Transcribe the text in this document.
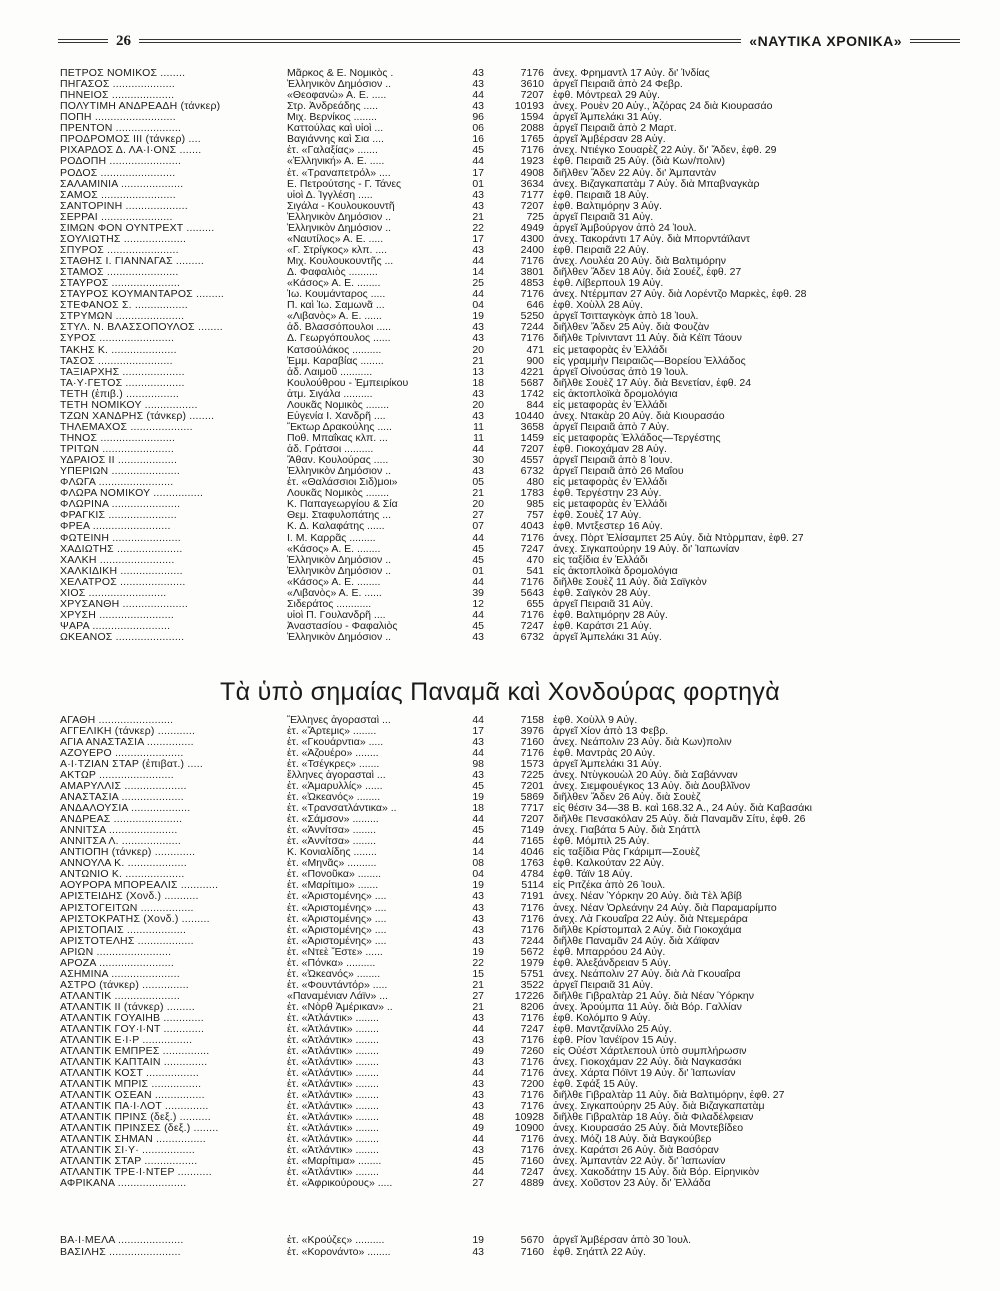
26	«ΝΑΥΤΙΚΑ ΧΡΟΝΙΚΑ»
ΠΕΤΡΟΣ ΝΟΜΙΚΟΣ ........	Μᾶρκος & Ε. Νομικὸς .	43	7176 ἀνεχ. Φρημαντλ 17 Αὐγ. δι' Ἰνδίας
ΠΗΓΑΣΟΣ ....................	Ἑλληνικὸν Δημόσιον ..	43	3610 ἀργεῖ Πειραιᾶ ἀπὸ 24 Φεβρ.
ΠΗΝΕΙΟΣ ....................	«Θεοφανὼ» Α. Ε. .....	44	7207 ἐφθ. Μόντρεαλ 29 Αὐγ.
ΠΟΛΥΤΙΜΗ ΑΝΔΡΕΑΔΗ (τάνκερ)	Στρ. Ἀνδρεάδης .....	43	10193 ἀνεχ. Ρουὲν 20 Αὐγ., Ἀζόρας 24 διὰ Κιουρασάο
ΠΟΠΗ ..........................	Μιχ. Βερνίκος ........	96	1594 ἀργεῖ Ἀμπελάκι 31 Αὐγ.
ΠΡΕΝΤΟΝ .....................	Καττούλας καὶ υἱοὶ ...	06	2088 ἀργεῖ Πειραιᾶ ἀπὸ 2 Μαρτ.
ΠΡΟΔΡΟΜΟΣ III (τάνκερ) ....	Βαγιάννης καὶ Σια ....	16	1765 ἀργεῖ Ἀμβέρσαν 28 Αὐγ.
ΡΙΧΑΡΔΟΣ Δ. ΛΑ·Ι·ΟΝΣ .......	ἐτ. «Γαλαξίας» .......	45	7176 ἀνεχ. Ντιέγκο Σουαρὲζ 22 Αὐγ. δι' Ἄδεν, ἐφθ. 29
ΡΟΔΟΠΗ .......................	«Ἑλληνική» Α. Ε. .....	44	1923 ἐφθ. Πειραιᾶ 25 Αὐγ. (διὰ Κων/πολιν)
ΡΟΔΟΣ ........................	ἐτ. «Τραναπετρόλ» ....	17	4908 διῆλθεν Ἄδεν 22 Αὐγ. δι' Ἀμπαντὰν
ΣΑΛΑΜΙΝΙΑ ....................	Ε. Πετρούτσης - Γ. Τάνες	01	3634 ἀνεχ. Βιζαγκαπατὰμ 7 Αὐγ. διὰ Μπαβναγκὰρ
ΣΑΜΟΣ ........................	υἱοὶ Δ. Ἰγγλέση .....	43	7177 ἐφθ. Πειραιᾶ 18 Αὐγ.
ΣΑΝΤΟΡΙΝΗ ....................	Σιγάλα - Κουλουκουντῆ	43	7207 ἐφθ. Βαλτιμόρην 3 Αὐγ.
ΣΕΡΡΑΙ .......................	Ἑλληνικὸν Δημόσιον ..	21	725 ἀργεῖ Πειραιᾶ 31 Αὐγ.
ΣΙΜΩΝ ΦΟΝ ΟΥΝΤΡΕΧΤ .........	Ἑλληνικὸν Δημόσιον ..	22	4949 ἀργεῖ Ἀμβούργον ἀπὸ 24 Ἰουλ.
ΣΟΥΛΙΩΤΗΣ ....................	«Ναυτίλος» Α. Ε. .....	17	4300 ἀνεχ. Τακοράντι 17 Αὐγ. διὰ Μπορντάϊλαντ
ΣΠΥΡΟΣ .......................	«Γ. Στρίγκος» κλπ. ....	43	2400 ἐφθ. Πειραιᾶ 22 Αὐγ.
ΣΤΑΘΗΣ Ι. ΓΙΑΝΝΑΓΑΣ .........	Μιχ. Κουλουκουντῆς ...	44	7176 ἀνεχ. Λουλέα 20 Αὐγ. διὰ Βαλτιμόρην
ΣΤΑΜΟΣ .......................	Δ. Φαφαλιὸς ..........	14	3801 διῆλθεν Ἄδεν 18 Αὐγ. διὰ Σουέζ, ἐφθ. 27
ΣΤΑΥΡΟΣ ......................	«Κάσος» Α. Ε. ........	25	4853 ἐφθ. Λίβερπουλ 19 Αὐγ.
ΣΤΑΥΡΟΣ ΚΟΥΜΑΝΤΑΡΟΣ .........	Ἰω. Κουμάνταρος .....	44	7176 ἀνεχ. Ντέρμπαν 27 Αὐγ. διὰ Λορέντζο Μαρκὲς, ἐφθ. 28
ΣΤΕΦΑΝΟΣ Σ. .................	Π. καὶ Ἰω. Σαμωνᾶ ...	04	646 ἐφθ. Χοὺλλ 28 Αὐγ.
ΣΤΡΥΜΩΝ ......................	«Λιβανὸς» Α. Ε. ......	19	5250 ἀργεῖ Τσιτταγκὸγκ ἀπὸ 18 Ἰουλ.
ΣΤΥΛ. Ν. ΒΛΑΣΣΟΠΟΥΛΟΣ ........	ἀδ. Βλασσόπουλοι .....	43	7244 διῆλθεν Ἄδεν 25 Αὐγ. διὰ Φουζὰν
ΣΥΡΟΣ ........................	Δ. Γεωργόπουλος ......	43	7176 διῆλθε Τρίνινταντ 11 Αὐγ. διὰ Κέϊπ Τάουν
ΤΑΚΗΣ Κ. .....................	Κατσούλάκος ..........	20	471 εἰς μεταφορὰς ἐν Ἑλλάδι
ΤΑΣΟΣ ........................	Ἐμμ. Καραβίας ........	21	900 εἰς γραμμὴν Πειραιῶς—Βορείου Ἑλλάδος
ΤΑΞΙΑΡΧΗΣ ....................	ἀδ. Λαιμοῦ ...........	13	4221 ἀργεῖ Οἰνούσας ἀπὸ 19 Ἰουλ.
ΤΑ·Υ·ΓΕΤΟΣ ...................	Κουλούθρου - Ἐμπειρίκου	18	5687 διῆλθε Σουὲζ 17 Αὐγ. διὰ Βενετίαν, ἐφθ. 24
ΤΕΤΗ (ἐπιβ.) .................	ἀτμ. Σιγάλα ..........	43	1742 εἰς ἀκτοπλοϊκὰ δρομολόγια
ΤΕΤΗ ΝΟΜΙΚΟΥ .................	Λουκᾶς Νομικὸς ........	20	844 εἰς μεταφορὰς ἐν Ἑλλάδι
ΤΖΩΝ ΧΑΝΔΡΗΣ (τάνκερ) ........	Εὐγενία Ι. Χανδρῆ ....	43	10440 ἀνεχ. Ντακὰρ 20 Αὐγ. διὰ Κιουρασάο
ΤΗΛΕΜΑΧΟΣ ....................	Ἕκτωρ Δρακούλης .....	11	3658 ἀργεῖ Πειραιᾶ ἀπὸ 7 Αὐγ.
ΤΗΝΟΣ ........................	Ποθ. Μπαΐκας κλπ. ...	11	1459 εἰς μεταφορὰς Ἑλλάδος—Τεργέστης
ΤΡΙΤΩΝ .......................	ἀδ. Γράτσοι ..........	44	7207 ἐφθ. Γιοκοχάμαν 28 Αὐγ.
ΥΔΡΑΙΟΣ II ...................	Ἄθαν. Κουλούρας .....	30	4557 ἀργεῖ Πειραιᾶ ἀπὸ 8 Ἰουν.
ΥΠΕΡΙΩΝ ......................	Ἑλληνικὸν Δημόσιον ..	43	6732 ἀργεῖ Πειραιᾶ ἀπὸ 26 Μαΐου
ΦΛΩΓΑ ........................	ἐτ. «Θαλάσσιοι Σιδ)μοι»	05	480 εἰς μεταφορὰς ἐν Ἑλλάδι
ΦΛΩΡΑ ΝΟΜΙΚΟΥ ................	Λουκᾶς Νομικὸς ........	21	1783 ἐφθ. Τεργέστην 23 Αὐγ.
ΦΛΩΡΙΝΑ ......................	Κ. Παπαγεωργίου & Σία	20	985 εἰς μεταφορὰς ἐν Ἑλλάδι
ΦΡΑΓΚΙΣ ......................	Θεμ. Σταφυλοπάτης ...	27	757 ἐφθ. Σουὲζ 17 Αὐγ.
ΦΡΕΑ .........................	Κ. Δ. Καλαφάτης ......	07	4043 ἐφθ. Μντξεστερ 16 Αὐγ.
ΦΩΤΕΙΝΗ ......................	Ι. Μ. Καρρᾶς .........	44	7176 ἀνεχ. Πὸρτ Ἐλίσαμπετ 25 Αὐγ. διὰ Ντὸρμπαν, ἐφθ. 27
ΧΑΔΙΩΤΗΣ .....................	«Κάσος» Α. Ε. ........	45	7247 ἀνεχ. Σιγκαπούρην 19 Αὐγ. δι' Ἰαπωνίαν
ΧΑΛΚΗ ........................	Ἑλληνικὸν Δημόσιον ..	45	470 εἰς ταξίδια ἐν Ἑλλάδι
ΧΑΛΚΙΔΙΚΗ ....................	Ἑλληνικὸν Δημόσιον ..	01	541 εἰς ἀκτοπλοϊκὰ δρομολόγια
ΧΕΛΑΤΡΟΣ .....................	«Κάσος» Α. Ε. ........	44	7176 διῆλθε Σουὲζ 11 Αὐγ. διὰ Σαϊγκὸν
ΧΙΟΣ .........................	«Λιβανὸς» Α. Ε. ......	39	5643 ἐφθ. Σαϊγκὸν 28 Αὐγ.
ΧΡΥΣΑΝΘΗ .....................	Σιδεράτος ............	12	655 ἀργεῖ Πειραιᾶ 31 Αὐγ.
ΧΡΥΣΗ ........................	υἱοὶ Π. Γουλανδρῆ ....	44	7176 ἐφθ. Βαλτιμόρην 28 Αὐγ.
ΨΑΡΑ .........................	Ἀναστασίου - Φαφαλιὸς	45	7247 ἐφθ. Καράτσι 21 Αὐγ.
ΩΚΕΑΝΟΣ ......................	Ἑλληνικὸν Δημόσιον ..	43	6732 ἀργεῖ Ἀμπελάκι 31 Αὐγ.
Τὰ ὑπὸ σημαίας Παναμᾶ καὶ Χονδούρας φορτηγὰ
ΑΓΑΘΗ ........................	Ἕλληνες ἀγορασταὶ ...	44	7158 ἐφθ. Χοὺλλ 9 Αὐγ.
ΑΓΓΕΛΙΚΗ (τάνκερ) ............	ἐτ. «Ἄρτεμις» ........	17	3976 ἀργεῖ Χίον ἀπὸ 13 Φεβρ.
ΑΓΙΑ ΑΝΑΣΤΑΣΙΑ ...............	ἐτ. «Γκουάρντια» .....	43	7160 ἀνεχ. Νεάπολιν 23 Αὐγ. διὰ Κων)πολιν
ΑΖΟΥΕΡΟ ......................	ἐτ. «Ἀζουέρο» ........	44	7176 ἐφθ. Μαντρὰς 20 Αὐγ.
Α·Ι·ΤΖΙΑΝ ΣΤΑΡ (ἐπιβατ.) .....	ἐτ. «Τσέγκρες» .......	98	1573 ἀργεῖ Ἀμπελάκι 31 Αὐγ.
ΑΚΤΩΡ ........................	ἕλληνες ἀγορασταὶ ...	43	7225 ἀνεχ. Ντὺγκουὼλ 20 Αὐγ. διὰ Σαβάνναν
ΑΜΑΡΥΛΛΙΣ ....................	ἐτ. «Ἀμαρυλλίς» ......	45	7201 ἀνεχ. Σιεμφουέγκος 13 Αὐγ. διὰ Δουβλῖνον
ΑΝΑΣΤΑΣΙΑ ....................	ἐτ. «Ὠκεανός» ........	19	5869 διῆλθεν Ἄδεν 26 Αὐγ. διὰ Σουὲζ
ΑΝΔΑΛΟΥΣΙΑ ...................	ἐτ. «Τρανσατλάντικα» ..	18	7717 εἰς θέσιν 34—38 Β. καὶ 168.32 Α., 24 Αὐγ. διὰ Καβασάκι
ΑΝΔΡΕΑΣ ......................	ἐτ. «Σάμσον» .........	44	7207 διῆλθε Πενσακόλαν 25 Αὐγ. διὰ Παναμᾶν Σίτυ, ἐφθ. 26
ΑΝΝΙΤΣΑ ......................	ἐτ. «Ἀννίτσα» ........	45	7149 ἀνεχ. Γιαβάτα 5 Αὐγ. διὰ Σηάττλ
ΑΝΝΙΤΣΑ Λ. ...................	ἐτ. «Ἀννίτσα» ........	44	7165 ἐφθ. Μόμπιλ 25 Αὐγ.
ΑΝΤΙΟΠΗ (τάνκερ) .............	Κ. Κονιαλίδης ........	14	4046 εἰς ταξίδια Ρὰς Γκάριμπ—Σουὲζ
ΑΝΝΟΥΛΑ Κ. ...................	ἐτ. «Μηνᾶς» ..........	08	1763 ἐφθ. Καλκούταν 22 Αὐγ.
ΑΝΤΩΝΙΟ Κ. ...................	ἐτ. «Πονοῦκα» ........	04	4784 ἐφθ. Τάϊν 18 Αὐγ.
ΑΟΥΡΟΡΑ ΜΠΟΡΕΑΛΙΣ ............	ἐτ. «Μαρίτιμο» .......	19	5114 εἰς Ριτζέκα ἀπὸ 26 Ἰουλ.
ΑΡΙΣΤΕΙΔΗΣ (Χονδ.) ...........	ἐτ. «Ἀριστομένης» ....	43	7191 ἀνεχ. Νέαν Ὑόρκην 20 Αὐγ. διὰ Τὲλ Ἀβίβ
ΑΡΙΣΤΟΓΕΙΤΩΝ .................	ἐτ. «Ἀριστομένης» ....	43	7176 ἀνεχ. Νέαν Ὀρλεάνην 24 Αὐγ. διὰ Παραμαρίμπο
ΑΡΙΣΤΟΚΡΑΤΗΣ (Χονδ.) .........	ἐτ. «Ἀριστομένης» ....	43	7176 ἀνεχ. Λὰ Γκουαΐρα 22 Αὐγ. διὰ Ντεμεράρα
ΑΡΙΣΤΟΠΑΙΣ ...................	ἐτ. «Ἀριστομένης» ....	43	7176 διῆλθε Κρίστομπαλ 2 Αὐγ. διὰ Γιοκοχάμα
ΑΡΙΣΤΟΤΕΛΗΣ ..................	ἐτ. «Ἀριστομένης» ....	43	7244 διῆλθε Παναμᾶν 24 Αὐγ. διὰ Χάϊφαν
ΑΡΙΩΝ ........................	ἐτ. «Ντεὲ Ἔστε» ......	19	5672 ἐφθ. Μπαρρόου 24 Αὐγ.
ΑΡΟΖΑ ........................	ἐτ. «Πόνκα» ..........	22	1979 ἐφθ. Ἀλεξάνδρειαν 5 Αὐγ.
ΑΣΗΜΙΝΑ ......................	ἐτ. «Ὠκεανός» ........	15	5751 ἀνεχ. Νεάπολιν 27 Αὐγ. διὰ Λὰ Γκουαΐρα
ΑΣΤΡΟ (τάνκερ) ...............	ἐτ. «Φουντάντόρ» .....	21	3522 ἀργεῖ Πειραιᾶ 31 Αὐγ.
ΑΤΛΑΝΤΙΚ .....................	«Παναμένιαν Λάϊν» ...	27	17226 διῆλθε Γιβραλτὰρ 21 Αὐγ. διὰ Νέαν Ὑόρκην
ΑΤΛΑΝΤΙΚ II (τάνκερ) .........	ἐτ. «Νὸρθ Ἀμέρικαν» ..	21	8206 ἀνεχ. Ἀρούμπα 11 Αὐγ. διὰ Βόρ. Γαλλίαν
ΑΤΛΑΝΤΙΚ ΓΟΥΑΙΗΒ .............	ἐτ. «Ἀτλάντικ» ........	43	7176 ἐφθ. Κολόμπο 9 Αὐγ.
ΑΤΛΑΝΤΙΚ ΓΟΥ·Ι·ΝΤ .............	ἐτ. «Ἀτλάντικ» ........	44	7247 ἐφθ. Μαντζανίλλο 25 Αὐγ.
ΑΤΛΑΝΤΙΚ Ε·Ι·Ρ ................	ἐτ. «Ἀτλάντικ» ........	43	7176 ἐφθ. Ρίον Ἰανέϊρον 15 Αὐγ.
ΑΤΛΑΝΤΙΚ ΕΜΠΡΕΣ ...............	ἐτ. «Ἀτλάντικ» ........	49	7260 εἰς Οὐέστ Χάρτλεπουλ ὑπὸ συμπλήρωσιν
ΑΤΛΑΝΤΙΚ ΚΑΠΤΑΙΝ ..............	ἐτ. «Ἀτλάντικ» ........	43	7176 ἀνεχ. Γιοκοχάμαν 22 Αὐγ. διὰ Ναγκασάκι
ΑΤΛΑΝΤΙΚ ΚΟΣΤ .................	ἐτ. «Ἀτλάντικ» ........	44	7176 ἀνεχ. Χάρτα Πόϊντ 19 Αὐγ. δι' Ἰαπωνίαν
ΑΤΛΑΝΤΙΚ ΜΠΡΙΣ ................	ἐτ. «Ἀτλάντικ» ........	43	7200 ἐφθ. Σφάξ 15 Αὐγ.
ΑΤΛΑΝΤΙΚ ΟΣΕΑΝ ................	ἐτ. «Ἀτλάντικ» ........	43	7176 διῆλθε Γιβραλτὰρ 11 Αὐγ. διὰ Βαλτιμόρην, ἐφθ. 27
ΑΤΛΑΝΤΙΚ ΠΑ·Ι·ΛΟΤ ..............	ἐτ. «Ἀτλάντικ» ........	43	7176 ἀνεχ. Σιγκαπούρην 25 Αὐγ. διὰ Βιζαγκαπατὰμ
ΑΤΛΑΝΤΙΚ ΠΡΙΝΣ (δεξ.) ..........	ἐτ. «Ἀτλάντικ» ........	48	10928 διῆλθε Γιβραλτὰρ 18 Αὐγ. διὰ Φιλαδέλφειαν
ΑΤΛΑΝΤΙΚ ΠΡΙΝΣΕΣ (δεξ.) ........	ἐτ. «Ἀτλάντικ» ........	49	10900 ἀνεχ. Κιουρασάο 25 Αὐγ. διὰ Μοντεβίδεο
ΑΤΛΑΝΤΙΚ ΣΗΜΑΝ ................	ἐτ. «Ἀτλάντικ» ........	44	7176 ἀνεχ. Μόζι 18 Αὐγ. διὰ Βαγκούβερ
ΑΤΛΑΝΤΙΚ ΣΙ·Υ· .................	ἐτ. «Ἀτλάντικ» ........	43	7176 ἀνεχ. Καράτσι 26 Αὐγ. διὰ Βασόραν
ΑΤΛΑΝΤΙΚ ΣΤΑΡ .................	ἐτ. «Μαρίτιμα» ........	45	7160 ἀνεχ. Ἀμπαντὰν 22 Αὐγ. δι' Ἰαπωνίαν
ΑΤΛΑΝΤΙΚ ΤΡΕ·Ι·ΝΤΕΡ ...........	ἐτ. «Ἀτλάντικ» ........	44	7247 ἀνεχ. Χακοδάτην 15 Αὐγ. διὰ Βόρ. Εἰρηνικὸν
ΑΦΡΙΚΑΝΑ ......................	ἐτ. «Ἀφρικούρους» .....	27	4889 ἀνεχ. Χοῦστον 23 Αὐγ. δι' Ἑλλάδα
ΒΑ·Ι·ΜΕΛΑ .....................	ἐτ. «Κρούζες» ..........	19	5670 ἀργεῖ Ἀμβέρσαν ἀπὸ 30 Ἰουλ.
ΒΑΣΙΛΗΣ .......................	ἐτ. «Κορονάντο» ........	43	7160 ἐφθ. Σηάττλ 22 Αὐγ.
